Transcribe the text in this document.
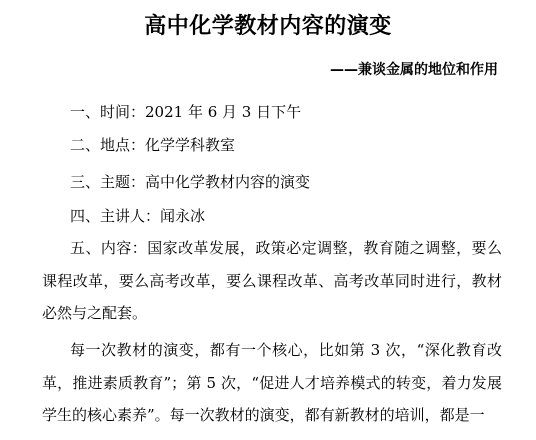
高中化学教材内容的演变
——兼谈金属的地位和作用
一、时间：2021 年 6 月 3 日下午
二、地点：化学学科教室
三、主题：高中化学教材内容的演变
四、主讲人：闻永冰

五、内容：国家改革发展，政策必定调整，教育随之调整，要么课程改革，要么高考改革，要么课程改革、高考改革同时进行，教材必然与之配套。

每一次教材的演变，都有一个核心，比如第 3 次，“深化教育改革，推进素质教育”；第 5 次，“促进人才培养模式的转变，着力发展学生的核心素养”。每一次教材的演变，都有新教材的培训，都是一
